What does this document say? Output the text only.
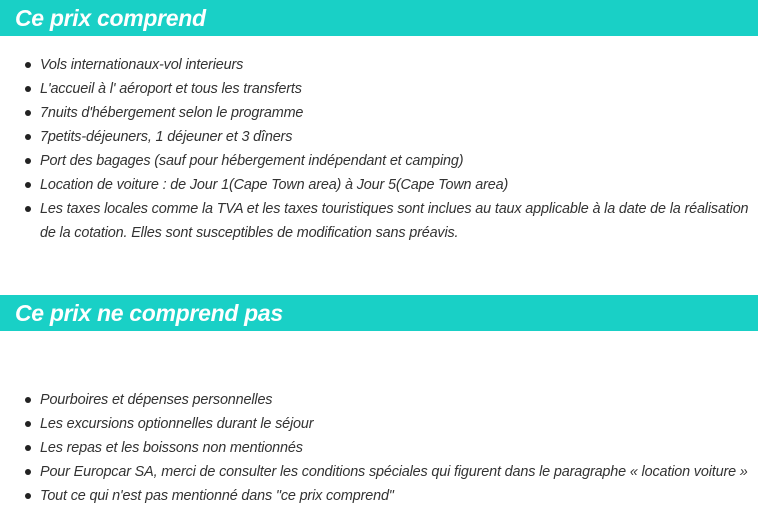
Ce prix comprend
Vols internationaux-vol interieurs
L'accueil à l' aéroport et tous les transferts
7nuits d'hébergement selon le programme
7petits-déjeuners, 1 déjeuner et 3 dîners
Port des bagages (sauf pour hébergement indépendant et camping)
Location de voiture : de Jour 1(Cape Town area) à Jour 5(Cape Town area)
Les taxes locales comme la TVA et les taxes touristiques sont inclues au taux applicable à la date de la réalisation de la cotation. Elles sont susceptibles de modification sans préavis.
Ce prix ne comprend pas
Pourboires et dépenses personnelles
Les excursions optionnelles durant le séjour
Les repas et les boissons non mentionnés
Pour Europcar SA, merci de consulter les conditions spéciales qui figurent dans le paragraphe « location voiture »
Tout ce qui n'est pas mentionné dans "ce prix comprend"
